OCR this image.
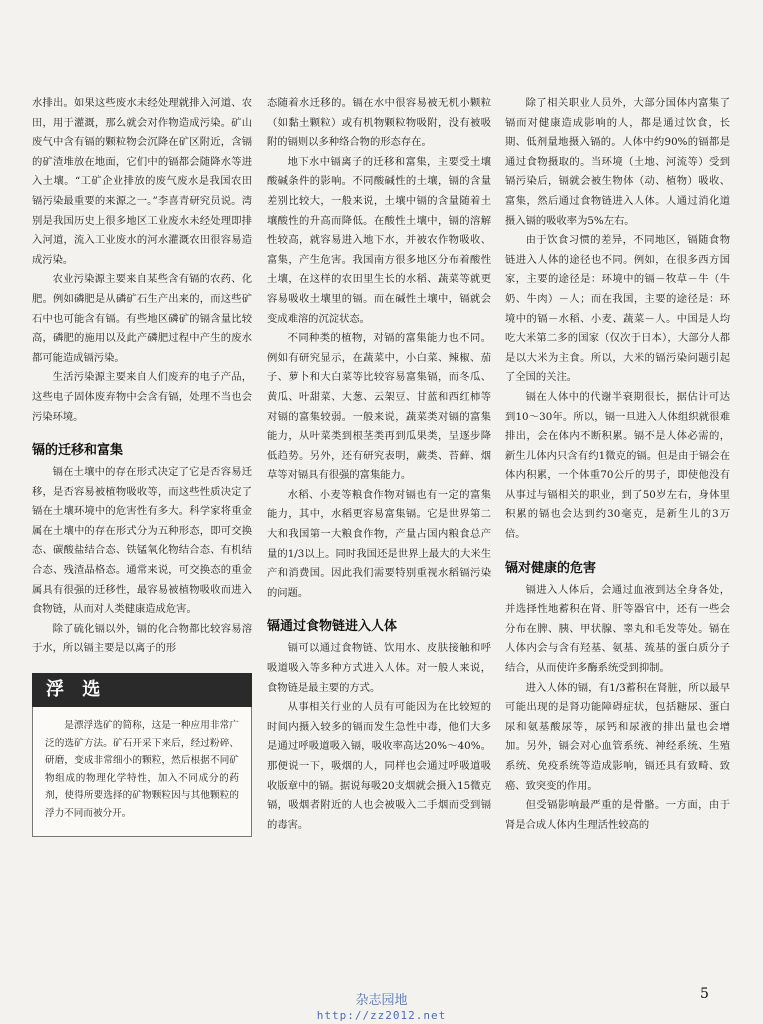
水排出。如果这些废水未经处理就排入河道、农田，用于灌溉，那么就会对作物造成污染。矿山废气中含有镉的颗粒物会沉降在矿区附近，含镉的矿渣堆放在地面，它们中的镉都会随降水等进入土壤。“工矿企业排放的废气废水是我国农田镉污染最重要的来源之一。”李喜青研究员说。湾别是我国历史上很多地区工业废水未经处理即排入河道，流入工业废水的河水灌溉农田很容易造成污染。

农业污染源主要来自某些含有镉的农药、化肥。例如磷肥是从磷矿石生产出来的，而这些矿石中也可能含有镉。有些地区磷矿的镉含量比较高，磷肥的施用以及此产磷肥过程中产生的废水都可能造成镉污染。

生活污染源主要来自人们废弃的电子产品，这些电子固体废弃物中会含有镉，处理不当也会污染环境。

镉的迁移和富集

镉在土壤中的存在形式决定了它是否容易迁移，是否容易被植物吸收等，而这些性质决定了镉在土壤环境中的危害性有多大。科学家将重金属在土壤中的存在形式分为五种形态，即可交换态、碳酸盐结合态、铁锰氧化物结合态、有机结合态、残渣晶格态。通常来说，可交换态的重金属具有很强的迁移性，最容易被植物吸收而进入食物链，从而对人类健康造成危害。

除了硫化镉以外，镉的化合物都比较容易溶于水，所以镉主要是以离子的形

浮 选

是漂浮选矿的简称，这是一种应用非常广泛的选矿方法。矿石开采下来后，经过粉碎、研磨，变成非常细小的颗粒，然后根据不同矿物组成的物理化学特性，加入不同成分的药剂，使得所要选择的矿物颗粒因与其他颗粒的浮力不同而被分开。

态随着水迁移的。镉在水中很容易被无机小颗粒（如黏土颗粒）或有机物颗粒物吸附，没有被吸附的镉则以多种络合物的形态存在。

地下水中镉离子的迁移和富集，主要受土壤酸碱条件的影响。不同酸碱性的土壤，镉的含量差别比较大，一般来说，土壤中镉的含量随着土壤酸性的升高而降低。在酸性土壤中，镉的溶解性较高，就容易进入地下水，并被农作物吸收、富集，产生危害。我国南方很多地区分布着酸性土壤，在这样的农田里生长的水稻、蔬菜等就更容易吸收土壤里的镉。而在碱性土壤中，镉就会变成难溶的沉淀状态。

不同种类的植物，对镉的富集能力也不同。例如有研究显示，在蔬菜中，小白菜、辣椒、茄子、萝卜和大白菜等比较容易富集镉，而冬瓜、黄瓜、叶甜菜、大葱、云架豆、甘蓝和西红柿等对镉的富集较弱。一般来说，蔬菜类对镉的富集能力，从叶菜类到根茎类再到瓜果类，呈逐步降低趋势。另外，还有研究表明，蕨类、苔藓、烟草等对镉具有很强的富集能力。

水稻、小麦等粮食作物对镉也有一定的富集能力，其中，水稻更容易富集镉。它是世界第二大和我国第一大粮食作物，产量占国内粮食总产量的1/3以上。同时我国还是世界上最大的大米生产和消费国。因此我们需要特别重视水稻镉污染的问题。

镉通过食物链进入人体

镉可以通过食物链、饮用水、皮肤接触和呼吸道吸入等多种方式进入人体。对一般人来说，食物链是最主要的方式。

从事相关行业的人员有可能因为在比较短的时间内摄入较多的镉而发生急性中毒，他们大多是通过呼吸道吸入镉，吸收率高达20%～40%。那便说一下，吸烟的人，同样也会通过呼吸道吸收版章中的镉。据说每吸20支烟就会摄入15微克镉，吸烟者附近的人也会被吸入二手烟而受到镉的毒害。

除了相关职业人员外，大部分国体内富集了镉而对健康造成影响的人，都是通过饮食，长期、低剂量地摄入镉的。人体中约90%的镉都是通过食物摄取的。当环境（土地、河流等）受到镉污染后，镉就会被生物体（动、植物）吸收、富集，然后通过食物链进入人体。人通过消化道摄入镉的吸收率为5%左右。

由于饮食习惯的差异，不同地区，镉随食物链进入人体的途径也不同。例如，在很多西方国家，主要的途径是：环境中的镉－牧草－牛（牛奶、牛肉）－人；而在我国，主要的途径是：环境中的镉－水稻、小麦、蔬菜－人。中国是人均吃大米第二多的国家（仅次于日本），大部分人都是以大米为主食。所以，大米的镉污染问题引起了全国的关注。

镉在人体中的代谢半衰期很长，据估计可达到10～30年。所以，镉一旦进入人体组织就很难排出，会在体内不断积累。镉不是人体必需的，新生儿体内只含有约1微克的镉。但是由于镉会在体内积累，一个体重70公斤的男子，即使他没有从事过与镉相关的职业，到了50岁左右，身体里积累的镉也会达到约30毫克，是新生儿的3万倍。

镉对健康的危害

镉进入人体后，会通过血液到达全身各处，并选择性地蓄积在肾、肝等器官中，还有一些会分布在脾、胰、甲状腺、睾丸和毛发等处。镉在人体内会与含有羟基、氨基、巯基的蛋白质分子结合，从而使许多酶系统受到抑制。

进入人体的镉，有1/3蓄积在肾脏，所以最早可能出现的是肾功能障碍症状，包括糖尿、蛋白尿和氨基酸尿等，尿钙和尿液的排出量也会增加。另外，镉会对心血管系统、神经系统、生殖系统、免疫系统等造成影响，镉还具有致畸、致癌、致突变的作用。

但受镉影响最严重的是骨骼。一方面，由于肾是合成人体内生理活性较高的

杂志园地
http://zz2012.net
5
